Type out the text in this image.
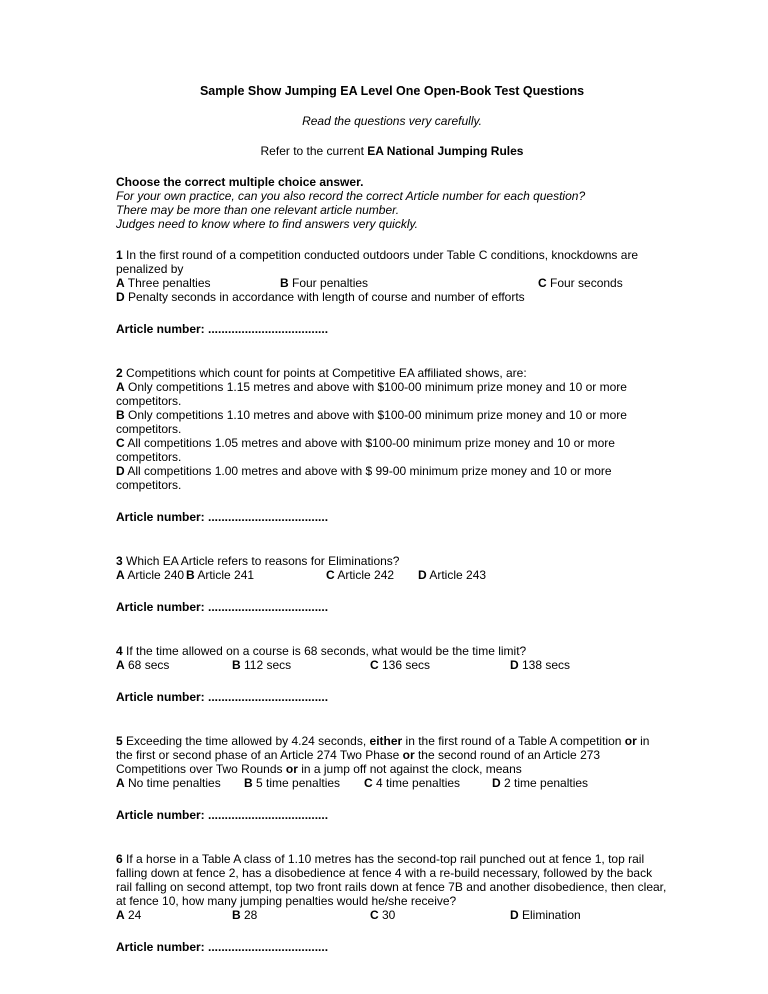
Sample Show Jumping EA Level One Open-Book Test Questions
Read the questions very carefully.
Refer to the current EA National Jumping Rules
Choose the correct multiple choice answer.
For your own practice, can you also record the correct Article number for each question?
There may be more than one relevant article number.
Judges need to know where to find answers very quickly.
1 In the first round of a competition conducted outdoors under Table C conditions, knockdowns are penalized by
A Three penalties	B Four penalties	C Four seconds
D Penalty seconds in accordance with length of course and number of efforts
Article number: ....................................
2 Competitions which count for points at Competitive EA affiliated shows, are:
A Only competitions 1.15 metres and above with $100-00 minimum prize money and 10 or more competitors.
B Only competitions 1.10 metres and above with $100-00 minimum prize money and 10 or more competitors.
C All competitions 1.05 metres and above with $100-00 minimum prize money and 10 or more competitors.
D All competitions 1.00 metres and above with $ 99-00 minimum prize money and 10 or more competitors.
Article number: ....................................
3 Which EA Article refers to reasons for Eliminations?
A Article 240 B Article 241	C Article 242 D Article 243
Article number: ....................................
4 If the time allowed on a course is 68 seconds, what would be the time limit?
A 68 secs	B 112 secs	C 136 secs	D 138 secs
Article number: ....................................
5 Exceeding the time allowed by 4.24 seconds, either in the first round of a Table A competition or in the first or second phase of an Article 274 Two Phase or the second round of an Article 273 Competitions over Two Rounds or in a jump off not against the clock, means
A No time penalties B 5 time penalties C 4 time penalties	D 2 time penalties
Article number: ....................................
6 If a horse in a Table A class of 1.10 metres has the second-top rail punched out at fence 1, top rail falling down at fence 2, has a disobedience at fence 4 with a re-build necessary, followed by the back rail falling on second attempt, top two front rails down at fence 7B and another disobedience, then clear, at fence 10, how many jumping penalties would he/she receive?
A 24	B 28	C 30	D Elimination
Article number: ....................................
